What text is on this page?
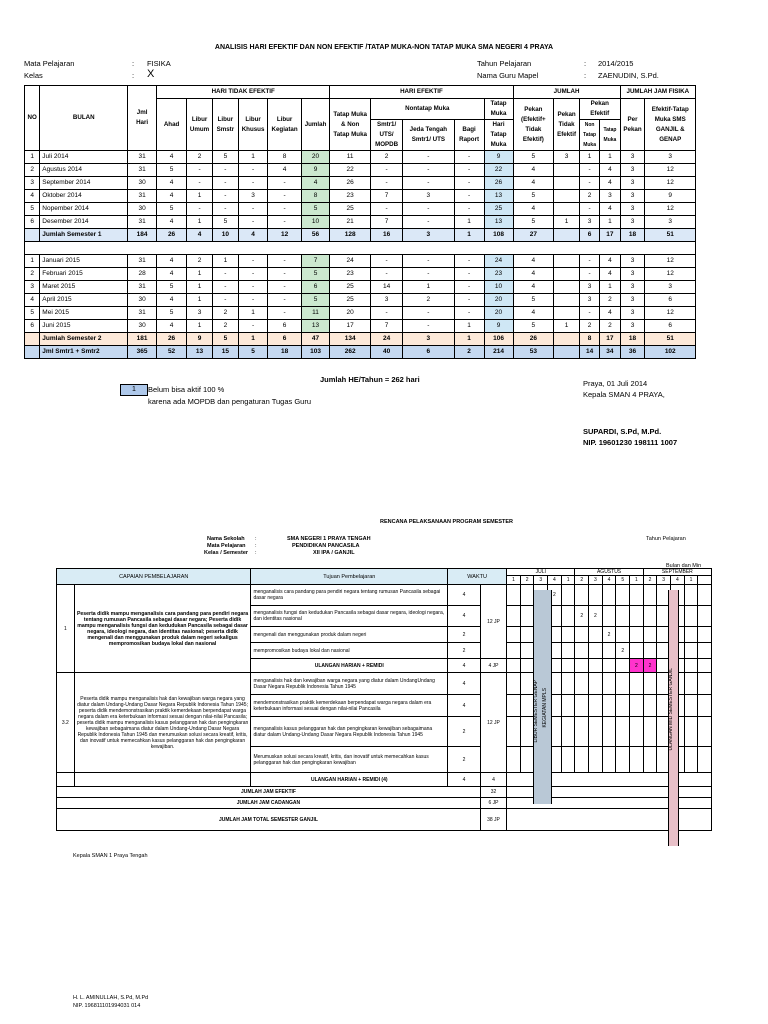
ANALISIS HARI EFEKTIF DAN NON EFEKTIF /TATAP MUKA-NON TATAP MUKA SMA NEGERI 4 PRAYA
Mata Pelajaran	: FISIKA
Kelas	: X
Tahun Pelajaran	: 2014/2015
Nama Guru Mapel	: ZAENUDIN, S.Pd.
NO	BULAN	Jml Hari	HARI TIDAK EFEKTIF						HARI EFEKTIF					JUMLAH				JUMLAH JAM FISIKA	
									Tatap Muka & Non Tatap Muka	Nontatap Muka			Tatap Muka	Pekan (Efektif+ Tidak Efektif)	Pekan Tidak Efektif	Pekan Efektif		Per Pekan	Efektif-Tatap Muka SMS GANJIL & GENAP
			Ahad	Libur Umum	Libur Smstr	Libur Khusus	Libur Kegiatan	Jumlah											
										Smtr1/ UTS/ MOPDB	Jeda Tengah Smtr1/ UTS	Bagi Raport	Hari Tatap Muka			Non Tatap Muka	Tatap Muka		
1	Juli 2014	31	4	2	5	1	8	20	11	2	-	-	9	5	3	1	1	3	3
2	Agustus 2014	31	5	-	-	-	4	9	22	-	-	-	22	4		-	4	3	12
3	September 2014	30	4	-	-	-	-	4	26	-	-	-	26	4		-	4	3	12
4	Oktober 2014	31	4	1	-	3	-	8	23	7	3	-	13	5		2	3	3	9
5	Nopember 2014	30	5	-	-	-	-	5	25	-	-	-	25	4		-	4	3	12
6	Desember 2014	31	4	1	5	-	-	10	21	7	-	1	13	5	1	3	1	3	3
	Jumlah Semester 1	184	26	4	10	4	12	56	128	16	3	1	108	27		6	17	18	51

1	Januari 2015	31	4	2	1	-	-	7	24	-	-	-	24	4		-	4	3	12
2	Februari 2015	28	4	1	-	-	-	5	23	-	-	-	23	4		-	4	3	12
3	Maret 2015	31	5	1	-	-	-	6	25	14	1	-	10	4		3	1	3	3
4	April 2015	30	4	1	-	-	-	5	25	3	2	-	20	5		3	2	3	6
5	Mei 2015	31	5	3	2	1	-	11	20	-	-	-	20	4		-	4	3	12
6	Juni 2015	30	4	1	2	-	6	13	17	7	-	1	9	5	1	2	2	3	6
	Jumlah Semester 2	181	26	9	5	1	6	47	134	24	3	1	106	26		8	17	18	51
	Jml Smtr1 + Smtr2	365	52	13	15	5	18	103	262	40	6	2	214	53		14	34	36	102
Jumlah HE/Tahun = 262 hari
1	Belum bisa aktif 100 %
karena ada MOPDB dan pengaturan Tugas Guru
Praya, 01 Juli 2014
Kepala SMAN 4 PRAYA,
SUPARDI, S.Pd, M.Pd.
NIP. 19601230 198111 1007
RENCANA PELAKSANAAN PROGRAM SEMESTER
Nama Sekolah :	SMA NEGERI 1 PRAYA TENGAH
Mata Pelajaran :	PENDIDIKAN PANCASILA
Kelas / Semester :	XII IPA / GANJIL
Tahun Pelajaran
Bulan dan Min
CAPAIAN PEMBELAJARAN		Tujuan Pembelajaran	WAKTU		JULI					AGUSTUS					SEPTEMBER				
					1	2	3	4	1	2	3	4	5	1	2	3	4	1	
1	Peserta didik mampu menganalisis cara pandang para pendiri negara tentang rumusan Pancasila sebagai dasar negara; Peserta didik mampu menganalisis fungsi dan kedudukan Pancasila sebagai dasar negara, ideologi negara, dan identitas nasional; peserta didik mengenali dan menggunakan produk dalam negeri sekaligus mempromosikan budaya lokal dan nasional	menganalisis cara pandang para pendiri negara tentang rumusan Pancasila sebagai dasar negara	4	12 JP				2											
		menganalisis fungsi dan kedudukan Pancasila sebagai dasar negara, ideologi negara, dan identitas nasional	4							2	2								
		mengenali dan menggunakan produk dalam negeri	2									2							
		mempromosikan budaya lokal dan nasional	2										2						
		ULANGAN HARIAN + REMIDI	4	4 JP										2	2				
3.2	Peserta didik mampu menganalisis hak dan kewajiban warga negara yang diatur dalam Undang-Undang Dasar Negara Republik Indonesia Tahun 1945; peserta didik mendemonstrasikan praktik kemerdekaan berpendapat warga negara dalam era keterbukaan informasi sesuai dengan nilai-nilai Pancasila; peserta didik mampu menganalisis kasus pelanggaran hak dan pengingkaran kewajiban sebagaimana diatur dalam Undang-Undang Dasar Negara Republik Indonesia Tahun 1945 dan merumuskan solusi secara kreatif, kritis, dan inovatif untuk memecahkan kasus pelanggaran hak dan pengingkaran kewajiban.	menganalisis hak dan kewajiban warga negara yang diatur dalam UndangUndang Dasar Negara Republik Indonesia Tahun 1945	4	12 JP															
		mendemonstrasikan praktik kemerdekaan berpendapat warga negara dalam era keterbukaan informasi sesuai dengan nilai-nilai Pancasila	4																
		menganalisis kasus pelanggaran hak dan pengingkaran kewajiban sebagaimana diatur dalam Undang-Undang Dasar Negara Republik Indonesia Tahun 1945	2																
		Merumuskan solusi secara kreatif, kritis, dan inovatif untuk memecahkan kasus pelanggaran hak dan pengingkaran kewajiban	2																
		ULANGAN HARIAN + REMIDI (4)	4	4															
JUMLAH JAM EFEKTIF				32															
JUMLAH JAM CADANGAN				6 JP															
JUMLAH JAM TOTAL SEMESTER GANJIL				38 JP															
LIBUR SEMESTER GENAP KEGIATAN MPLS	ULANGAN MID SEMESTER GANJIL
Kepala SMAN 1 Praya Tengah
H. L. AMINULLAH, S.Pd, M.Pd
NIP. 196811101994031 014
